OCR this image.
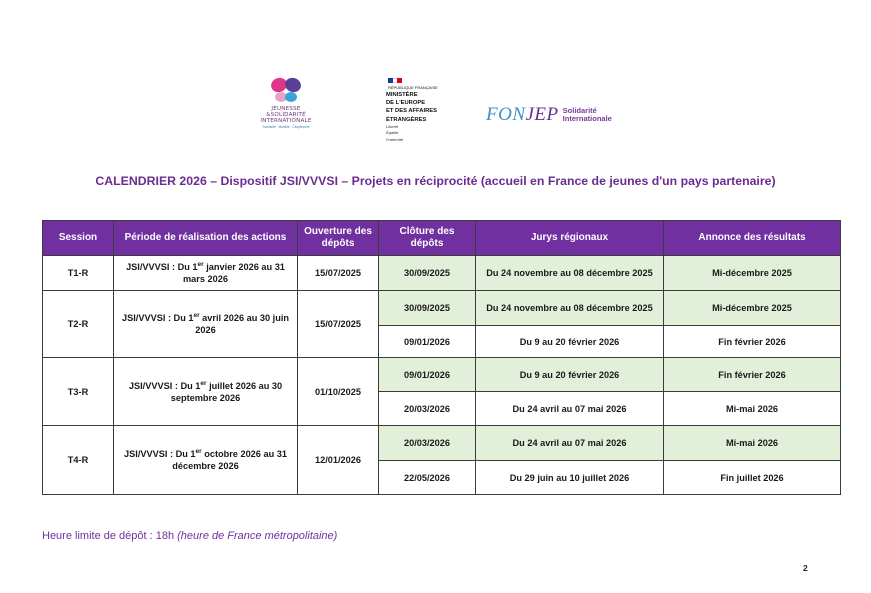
JEUNESSE
&SOLIDARITÉ
INTERNATIONALE
Solidarité · Mobilité · Citoyenneté
RÉPUBLIQUE FRANÇAISE
MINISTÈRE
DE L'EUROPE
ET DES AFFAIRES
ÉTRANGÈRES
Liberté
Égalité
Fraternité
FON JEP Solidarité
Internationale
CALENDRIER 2026 – Dispositif JSI/VVVSI – Projets en réciprocité (accueil en France de jeunes d'un pays partenaire)
Session	Période de réalisation des actions	Ouverture des dépôts	Clôture des dépôts	Jurys régionaux	Annonce des résultats
T1-R	JSI/VVVSI : Du 1er janvier 2026 au 31 mars 2026	15/07/2025	30/09/2025	Du 24 novembre au 08 décembre 2025	Mi-décembre 2025
T2-R	JSI/VVVSI : Du 1er avril 2026 au 30 juin 2026	15/07/2025	30/09/2025	Du 24 novembre au 08 décembre 2025	Mi-décembre 2025
			09/01/2026	Du 9 au 20 février 2026	Fin février 2026
T3-R	JSI/VVVSI : Du 1er juillet 2026 au 30 septembre 2026	01/10/2025	09/01/2026	Du 9 au 20 février 2026	Fin février 2026
			20/03/2026	Du 24 avril au 07 mai 2026	Mi-mai 2026
T4-R	JSI/VVVSI : Du 1er octobre 2026 au 31 décembre 2026	12/01/2026	20/03/2026	Du 24 avril au 07 mai 2026	Mi-mai 2026
			22/05/2026	Du 29 juin au 10 juillet 2026	Fin juillet 2026
Heure limite de dépôt : 18h (heure de France métropolitaine)
2
